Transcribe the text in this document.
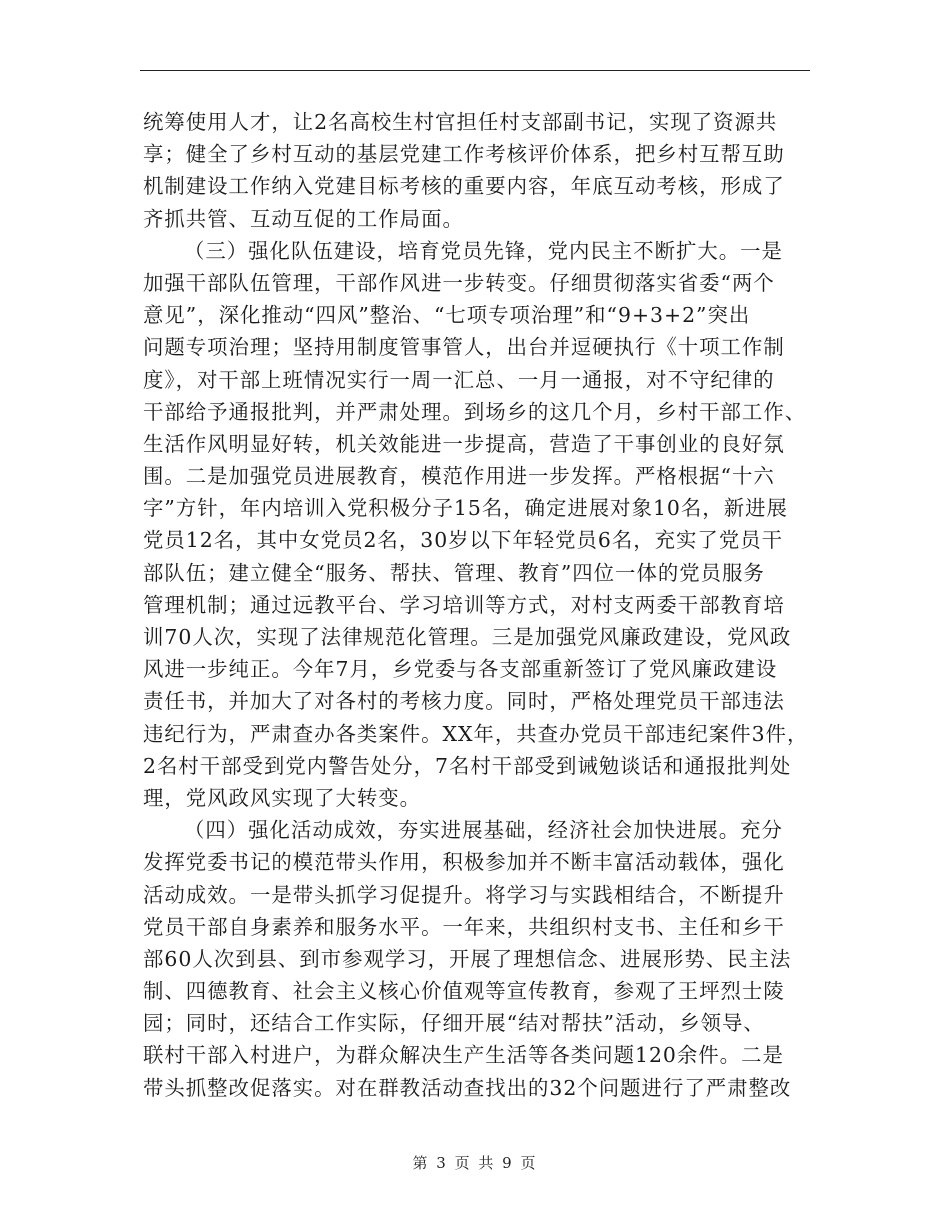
统筹使用人才，让2名高校生村官担任村支部副书记，实现了资源共
享；健全了乡村互动的基层党建工作考核评价体系，把乡村互帮互助
机制建设工作纳入党建目标考核的重要内容，年底互动考核，形成了
齐抓共管、互动互促的工作局面。
（三）强化队伍建设，培育党员先锋，党内民主不断扩大。一是
加强干部队伍管理，干部作风进一步转变。仔细贯彻落实省委“两个
意见”，深化推动“四风”整治、“七项专项治理”和“9+3+2”突出
问题专项治理；坚持用制度管事管人，出台并逗硬执行《十项工作制
度》，对干部上班情况实行一周一汇总、一月一通报，对不守纪律的
干部给予通报批判，并严肃处理。到场乡的这几个月，乡村干部工作、
生活作风明显好转，机关效能进一步提高，营造了干事创业的良好氛
围。二是加强党员进展教育，模范作用进一步发挥。严格根据“十六
字”方针，年内培训入党积极分子15名，确定进展对象10名，新进展
党员12名，其中女党员2名，30岁以下年轻党员6名，充实了党员干
部队伍；建立健全“服务、帮扶、管理、教育”四位一体的党员服务
管理机制；通过远教平台、学习培训等方式，对村支两委干部教育培
训70人次，实现了法律规范化管理。三是加强党风廉政建设，党风政
风进一步纯正。今年7月，乡党委与各支部重新签订了党风廉政建设
责任书，并加大了对各村的考核力度。同时，严格处理党员干部违法
违纪行为，严肃查办各类案件。XX年，共查办党员干部违纪案件3件，
2名村干部受到党内警告处分，7名村干部受到诫勉谈话和通报批判处
理，党风政风实现了大转变。
（四）强化活动成效，夯实进展基础，经济社会加快进展。充分
发挥党委书记的模范带头作用，积极参加并不断丰富活动载体，强化
活动成效。一是带头抓学习促提升。将学习与实践相结合，不断提升
党员干部自身素养和服务水平。一年来，共组织村支书、主任和乡干
部60人次到县、到市参观学习，开展了理想信念、进展形势、民主法
制、四德教育、社会主义核心价值观等宣传教育，参观了王坪烈士陵
园；同时，还结合工作实际，仔细开展“结对帮扶”活动，乡领导、
联村干部入村进户，为群众解决生产生活等各类问题120余件。二是
带头抓整改促落实。对在群教活动查找出的32个问题进行了严肃整改
第 3 页 共 9 页
